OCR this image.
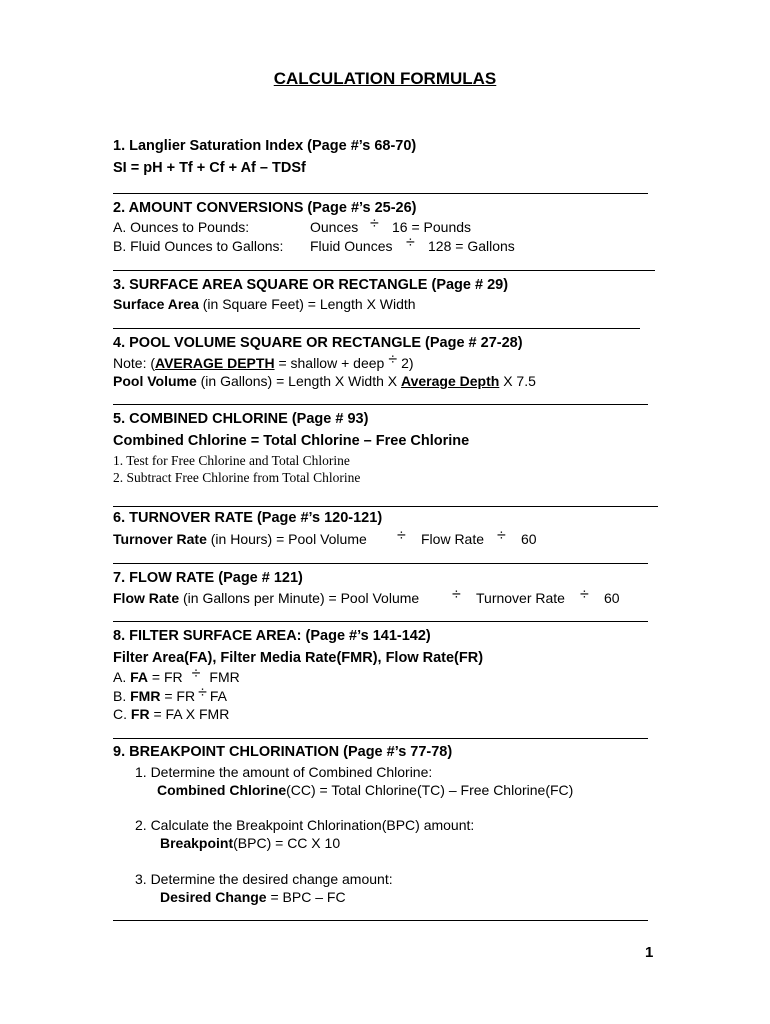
CALCULATION FORMULAS
1. Langlier Saturation Index (Page #’s 68-70)
SI = pH + Tf + Cf + Af – TDSf
2. AMOUNT CONVERSIONS (Page #’s 25-26)
A. Ounces to Pounds:	Ounces ÷ 16 = Pounds
B. Fluid Ounces to Gallons: Fluid Ounces ÷ 128 = Gallons
3. SURFACE AREA SQUARE OR RECTANGLE (Page # 29)
Surface Area (in Square Feet) = Length X Width
4. POOL VOLUME SQUARE OR RECTANGLE (Page # 27-28)
Note: (AVERAGE DEPTH = shallow + deep ÷ 2)
Pool Volume (in Gallons) = Length X Width X Average Depth X 7.5
5. COMBINED CHLORINE (Page # 93)
Combined Chlorine = Total Chlorine – Free Chlorine
1. Test for Free Chlorine and Total Chlorine
2. Subtract Free Chlorine from Total Chlorine
6. TURNOVER RATE (Page #’s 120-121)
Turnover Rate (in Hours) = Pool Volume ÷ Flow Rate ÷ 60
7. FLOW RATE (Page # 121)
Flow Rate (in Gallons per Minute) = Pool Volume ÷ Turnover Rate ÷ 60
8. FILTER SURFACE AREA: (Page #’s 141-142)
Filter Area(FA), Filter Media Rate(FMR), Flow Rate(FR)
A. FA = FR ÷ FMR
B. FMR = FR ÷ FA
C. FR = FA X FMR
9. BREAKPOINT CHLORINATION (Page #’s 77-78)
1. Determine the amount of Combined Chlorine:
Combined Chlorine(CC) = Total Chlorine(TC) – Free Chlorine(FC)
2. Calculate the Breakpoint Chlorination(BPC) amount:
Breakpoint(BPC) = CC X 10
3. Determine the desired change amount:
Desired Change = BPC – FC
1
